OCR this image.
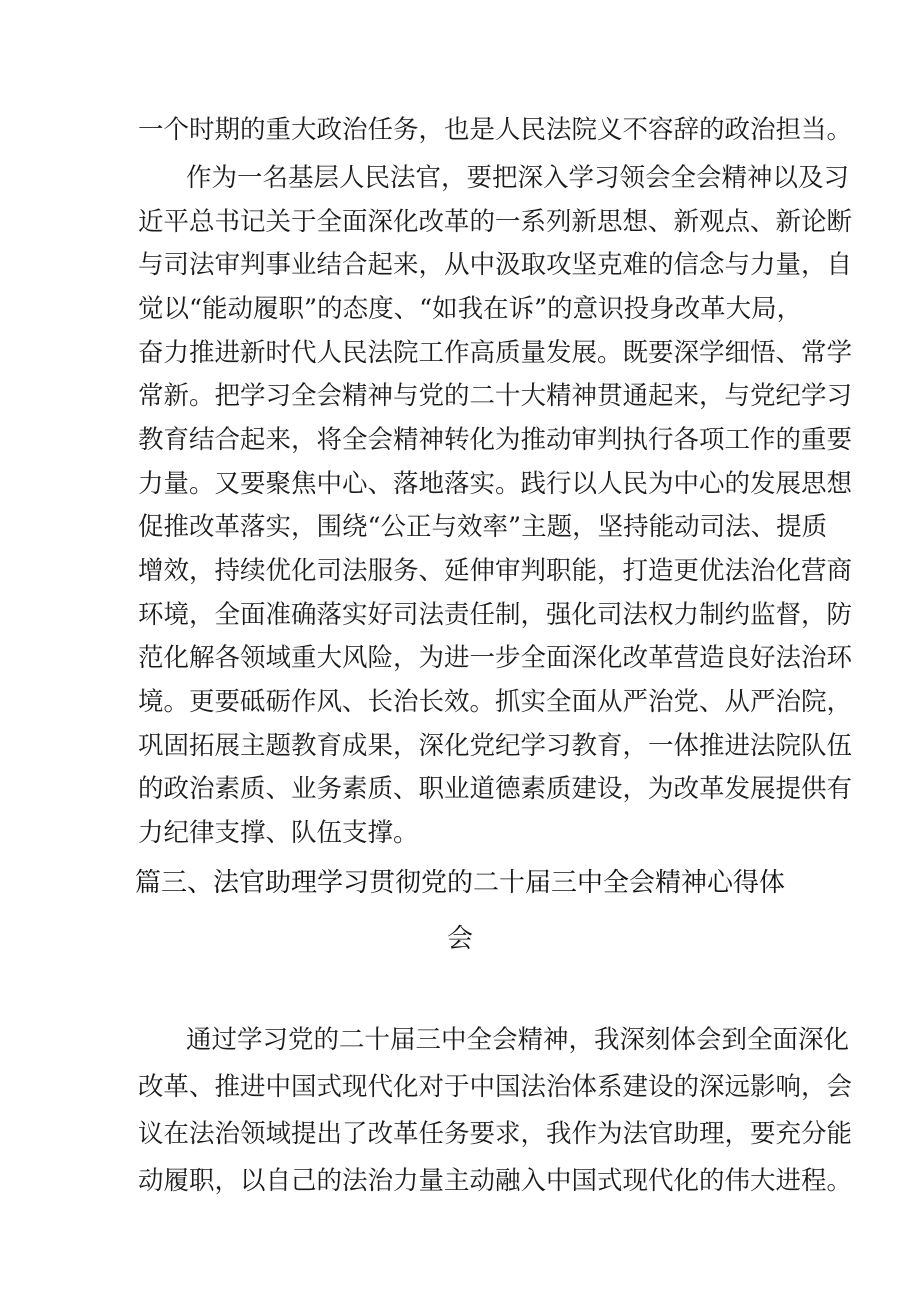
一个时期的重大政治任务，也是人民法院义不容辞的政治担当。
作为一名基层人民法官，要把深入学习领会全会精神以及习
近平总书记关于全面深化改革的一系列新思想、新观点、新论断
与司法审判事业结合起来，从中汲取攻坚克难的信念与力量，自
觉以“能动履职”的态度、“如我在诉”的意识投身改革大局，
奋力推进新时代人民法院工作高质量发展。既要深学细悟、常学
常新。把学习全会精神与党的二十大精神贯通起来，与党纪学习
教育结合起来，将全会精神转化为推动审判执行各项工作的重要
力量。又要聚焦中心、落地落实。践行以人民为中心的发展思想
促推改革落实，围绕“公正与效率”主题，坚持能动司法、提质
增效，持续优化司法服务、延伸审判职能，打造更优法治化营商
环境，全面准确落实好司法责任制，强化司法权力制约监督，防
范化解各领域重大风险，为进一步全面深化改革营造良好法治环
境。更要砥砺作风、长治长效。抓实全面从严治党、从严治院，
巩固拓展主题教育成果，深化党纪学习教育，一体推进法院队伍
的政治素质、业务素质、职业道德素质建设，为改革发展提供有
力纪律支撑、队伍支撑。
篇三、法官助理学习贯彻党的二十届三中全会精神心得体
会
通过学习党的二十届三中全会精神，我深刻体会到全面深化
改革、推进中国式现代化对于中国法治体系建设的深远影响，会
议在法治领域提出了改革任务要求，我作为法官助理，要充分能
动履职，以自己的法治力量主动融入中国式现代化的伟大进程。
